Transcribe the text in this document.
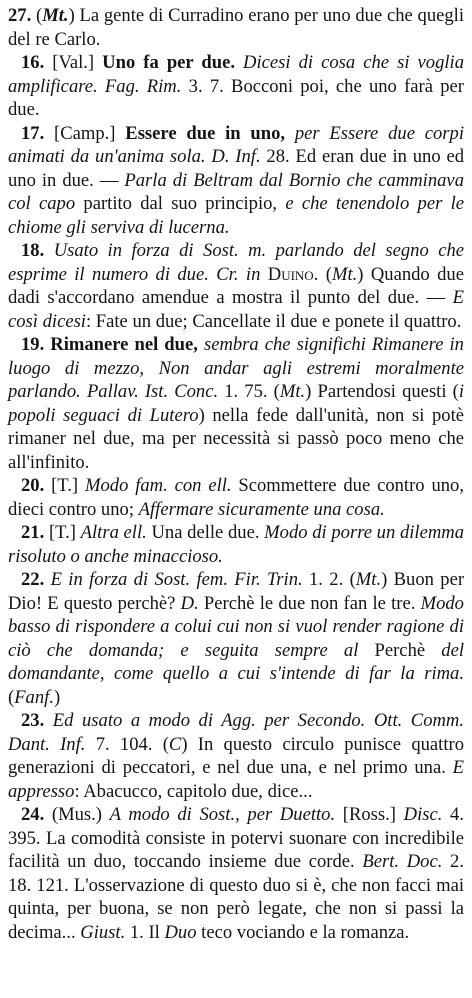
27. (Mt.) La gente di Curradino erano per uno due che quegli del re Carlo.

16. [Val.] Uno fa per due. Dicesi di cosa che si voglia amplificare. Fag. Rim. 3. 7. Bocconi poi, che uno farà per due.

17. [Camp.] Essere due in uno, per Essere due corpi animati da un'anima sola. D. Inf. 28. Ed eran due in uno ed uno in due. — Parla di Beltram dal Bornio che camminava col capo partito dal suo principio, e che tenendolo per le chiome gli serviva di lucerna.

18. Usato in forza di Sost. m. parlando del segno che esprime il numero di due. Cr. in Duino. (Mt.) Quando due dadi s'accordano amendue a mostra il punto del due. — E così dicesi: Fate un due; Cancellate il due e ponete il quattro.

19. Rimanere nel due, sembra che significhi Rimanere in luogo di mezzo, Non andar agli estremi moralmente parlando. Pallav. Ist. Conc. 1. 75. (Mt.) Partendosi questi (i popoli seguaci di Lutero) nella fede dall'unità, non si potè rimaner nel due, ma per necessità si passò poco meno che all'infinito.

20. [T.] Modo fam. con ell. Scommettere due contro uno, dieci contro uno; Affermare sicuramente una cosa.

21. [T.] Altra ell. Una delle due. Modo di porre un dilemma risoluto o anche minaccioso.

22. E in forza di Sost. fem. Fir. Trin. 1. 2. (Mt.) Buon per Dio! E questo perchè? D. Perchè le due non fan le tre. Modo basso di rispondere a colui cui non si vuol render ragione di ciò che domanda; e seguita sempre al Perchè del domandante, come quello a cui s'intende di far la rima. (Fanf.)

23. Ed usato a modo di Agg. per Secondo. Ott. Comm. Dant. Inf. 7. 104. (C) In questo circulo punisce quattro generazioni di peccatori, e nel due una, e nel primo una. E appresso: Abacucco, capitolo due, dice...

24. (Mus.) A modo di Sost., per Duetto. [Ross.] Disc. 4. 395. La comodità consiste in potervi suonare con incredibile facilità un duo, toccando insieme due corde. Bert. Doc. 2. 18. 121. L'osservazione di questo duo si è, che non facci mai quinta, per buona, se non però legate, che non si passi la decima... Giust. 1. Il Duo teco vociando e la romanza.
